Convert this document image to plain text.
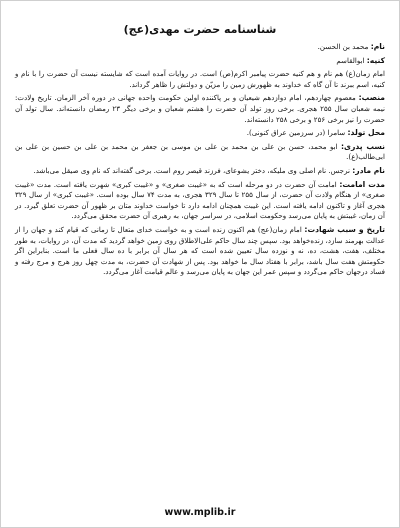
شناسنامه حضرت مهدی(عج)

نام: محمد بن الحسن.

کنیه: ابوالقاسم

امام زمان(ع) هم نام و هم کنیه حضرت پیامبر اکرم(ص) است. در روایات آمده است که شایسته نیست آن حضرت را با نام و کنیه، اسم ببرند تا آن گاه که خداوند به ظهورش زمین را مزیّن و دولتش را ظاهر گرداند.

منصب: معصوم چهاردهم، امام دوازدهم شیعیان و بر پاکننده اولین حکومت واحده جهانی در دوره آخر الزمان. تاریخ ولادت: نیمه شعبان سال ۲۵۵ هجری. برخی روز تولد آن حضرت را هشتم شعبان و برخی دیگر ۲۳ رمضان دانسته‌اند. سال تولد آن حضرت را نیز برخی ۲۵۶ و برخی ۲۵۸ دانسته‌اند.

محل تولد: سامرا (در سرزمین عراق کنونی).

نسب پدری: ابو محمد، حسن بن علی بن محمد بن علی بن موسی بن جعفر بن محمد بن علی بن حسین بن علی بن ابی‌طالب(ع).

نام مادر: نرجس. نام اصلی وی ملیکه، دختر یشوعای، فرزند قیصر روم است. برخی گفته‌اند که نام وی صیقل می‌باشد.

مدت امامت: امامت آن حضرت در دو مرحله است که به «غیبت صغری» و «غیبت کبری» شهرت یافته است. مدت «غیبت صغری» از هنگام ولادت آن حضرت، از سال ۲۵۵ تا سال ۳۲۹ هجری، به مدت ۷۴ سال بوده است. «غیبت کبری» از سال ۳۲۹ هجری آغاز و تاکنون ادامه یافته است. این غیبت همچنان ادامه دارد تا خواست خداوند متان بر ظهور آن حضرت تعلق گیرد. در آن زمان، غیبتش به پایان می‌رسد وحکومت اسلامی، در سراسر جهان، به رهبری آن حضرت محقق می‌گردد.

تاریخ و سبب شهادت: امام زمان(عج) هم اکنون زنده است و به خواست خدای متعال تا زمانی که قیام کند و جهان را از عدالت بهرمند سازد، زنده‌خواهد بود. سپس چند سال حاکم علی‌الاطلاق روی زمین خواهد گردید که مدت آن، در روایات، به طور مختلف، هفت، هشت، ده، نه و نوزده سال تعیین شده است که هر سال آن برابر با ده سال فعلی ما است. بنابراین اگر حکومتش هفت سال باشد، برابر با هفتاد سال ما خواهد بود. پس از شهادت آن حضرت، به مدت چهل روز هرج و مرج رفته و فساد درجهان حاکم می‌گردد و سپس عمر این جهان به پایان می‌رسد و عالم قیامت آغاز می‌گردد.

www.mplib.ir
